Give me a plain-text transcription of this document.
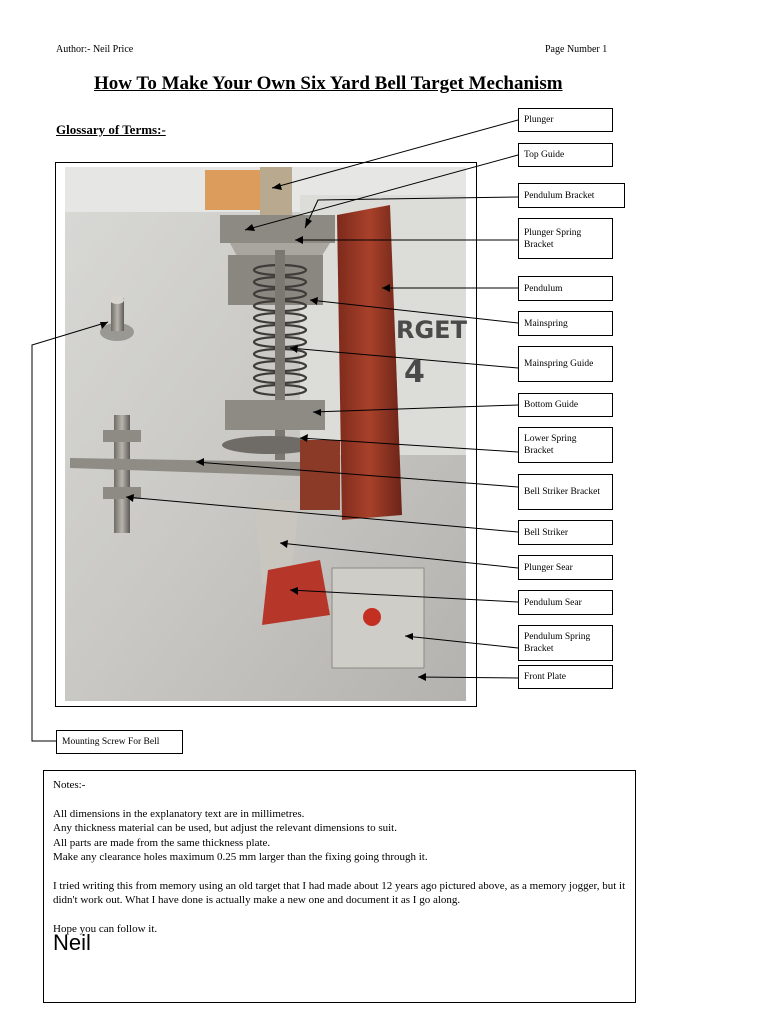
Author:- Neil Price	Page Number 1
How To Make Your Own Six Yard Bell Target Mechanism
Glossary of Terms:-
RGET
4
Plunger
Top Guide
Pendulum Bracket
Plunger Spring Bracket
Pendulum
Mainspring
Mainspring Guide
Bottom Guide
Lower Spring Bracket
Bell Striker Bracket
Bell Striker
Plunger Sear
Pendulum Sear
Pendulum Spring Bracket
Front Plate
Mounting Screw For Bell

Notes:-

All dimensions in the explanatory text are in millimetres.

Any thickness material can be used, but adjust the relevant dimensions to suit.

All parts are made from the same thickness plate.

Make any clearance holes maximum 0.25 mm larger than the fixing going through it.

I tried writing this from memory using an old target that I had made about 12 years ago pictured above, as a memory jogger, but it didn't work out. What I have done is actually make a new one and document it as I go along.

Hope you can follow it.

Neil
